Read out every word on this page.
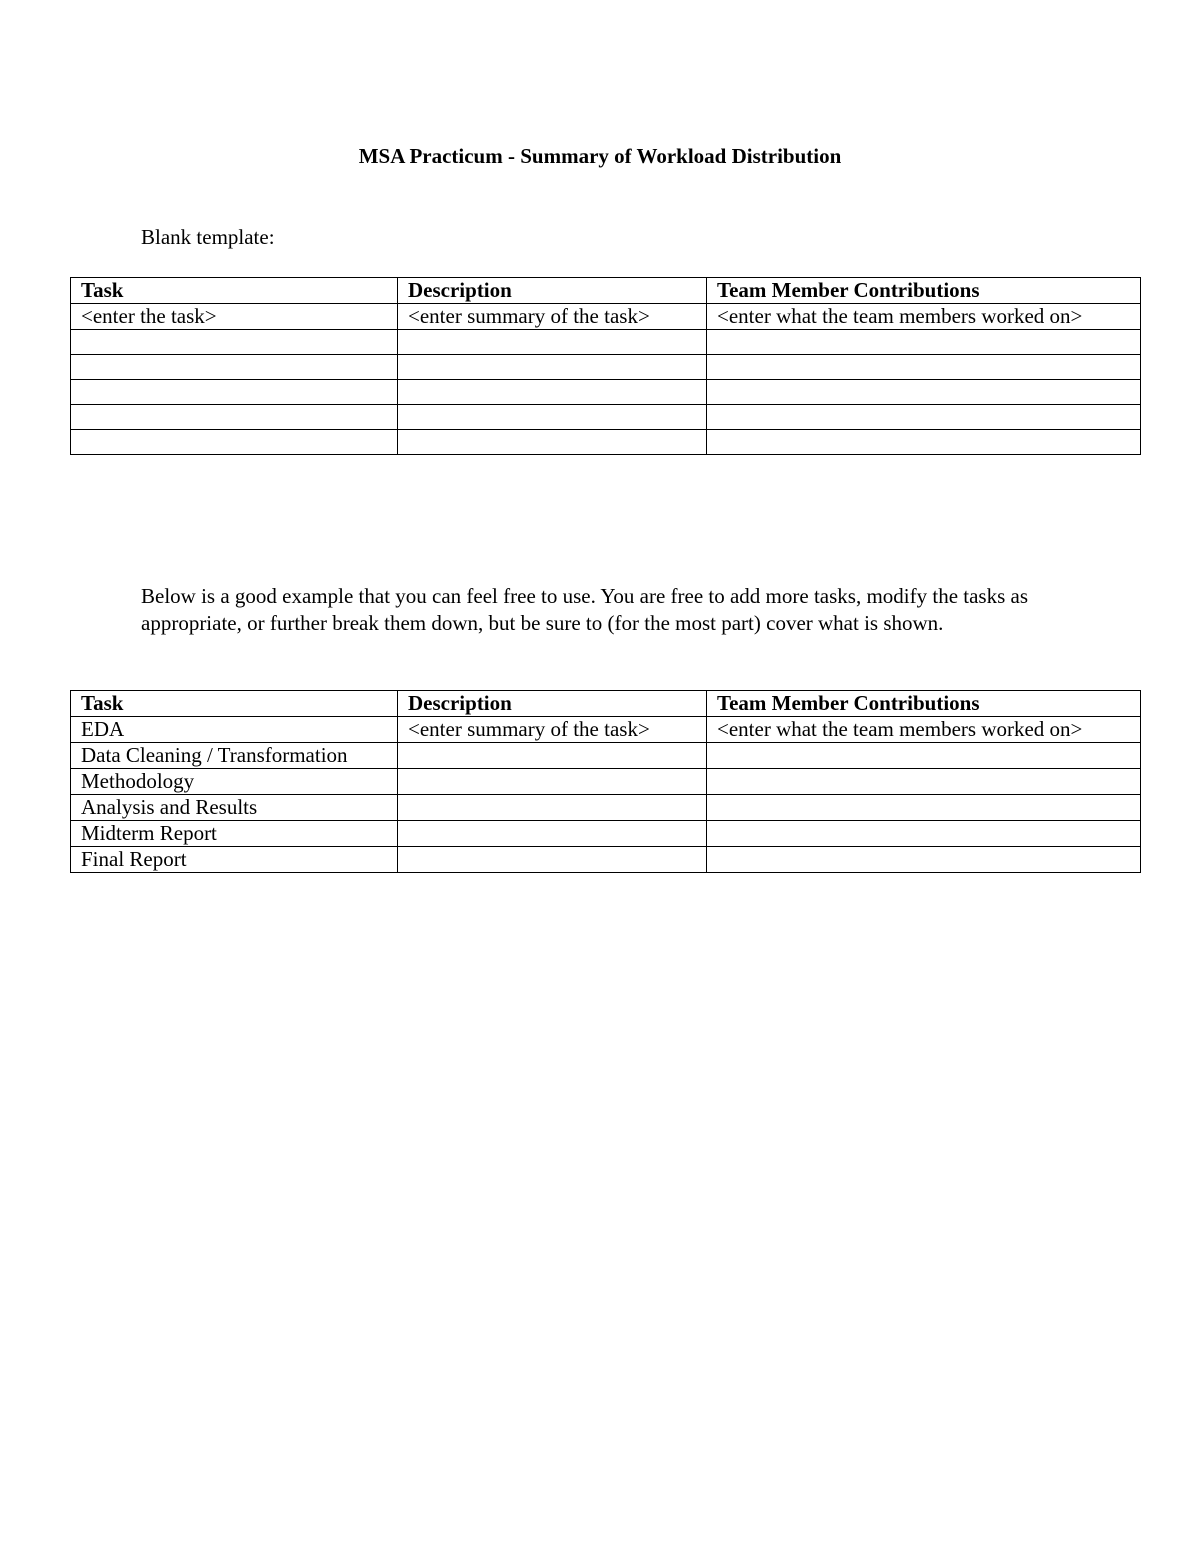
MSA Practicum - Summary of Workload Distribution

Blank template:

Task	Description	Team Member Contributions
<enter the task>	<enter summary of the task>	<enter what the team members worked on>

Below is a good example that you can feel free to use. You are free to add more tasks, modify the tasks as appropriate, or further break them down, but be sure to (for the most part) cover what is shown.

Task	Description	Team Member Contributions
EDA	<enter summary of the task>	<enter what the team members worked on>
Data Cleaning / Transformation		
Methodology		
Analysis and Results		
Midterm Report		
Final Report		
